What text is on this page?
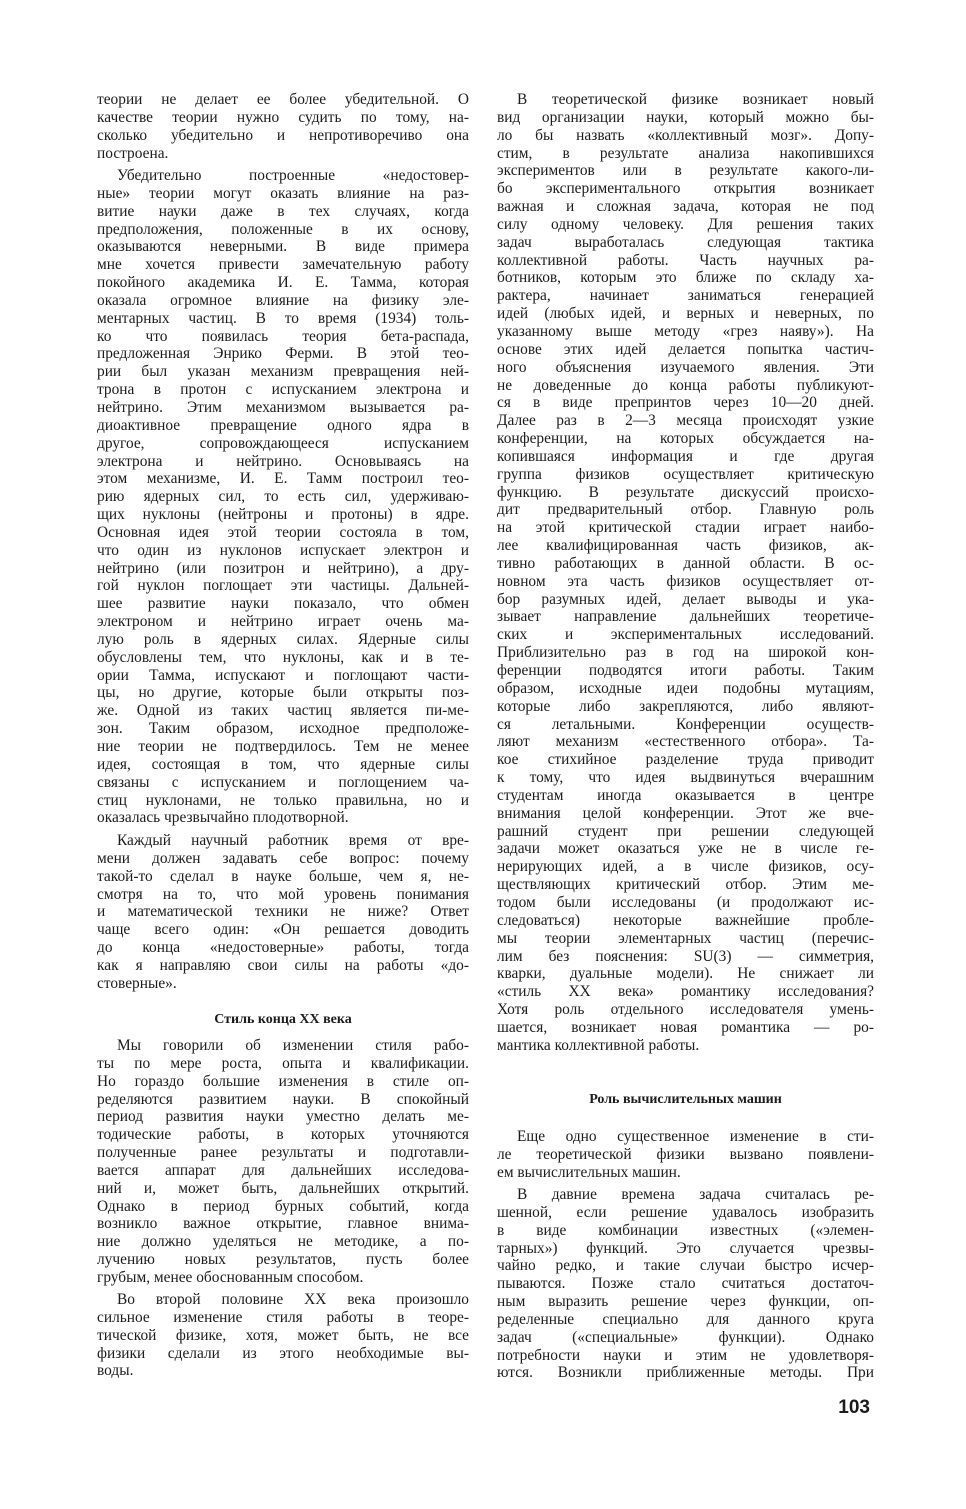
теории не делает ее более убедительной. О
качестве теории нужно судить по тому, на-
сколько убедительно и непротиворечиво она
построена.
Убедительно построенные «недостовер-
ные» теории могут оказать влияние на раз-
витие науки даже в тех случаях, когда
предположения, положенные в их основу,
оказываются неверными. В виде примера
мне хочется привести замечательную работу
покойного академика И. Е. Тамма, которая
оказала огромное влияние на физику эле-
ментарных частиц. В то время (1934) толь-
ко что появилась теория бета-распада,
предложенная Энрико Ферми. В этой тео-
рии был указан механизм превращения ней-
трона в протон с испусканием электрона и
нейтрино. Этим механизмом вызывается ра-
диоактивное превращение одного ядра в
другое, сопровождающееся испусканием
электрона и нейтрино. Основываясь на
этом механизме, И. Е. Тамм построил тео-
рию ядерных сил, то есть сил, удерживаю-
щих нуклоны (нейтроны и протоны) в ядре.
Основная идея этой теории состояла в том,
что один из нуклонов испускает электрон и
нейтрино (или позитрон и нейтрино), а дру-
гой нуклон поглощает эти частицы. Дальней-
шее развитие науки показало, что обмен
электроном и нейтрино играет очень ма-
лую роль в ядерных силах. Ядерные силы
обусловлены тем, что нуклоны, как и в те-
ории Тамма, испускают и поглощают части-
цы, но другие, которые были открыты поз-
же. Одной из таких частиц является пи-ме-
зон. Таким образом, исходное предположе-
ние теории не подтвердилось. Тем не менее
идея, состоящая в том, что ядерные силы
связаны с испусканием и поглощением ча-
стиц нуклонами, не только правильна, но и
оказалась чрезвычайно плодотворной.
Каждый научный работник время от вре-
мени должен задавать себе вопрос: почему
такой-то сделал в науке больше, чем я, не-
смотря на то, что мой уровень понимания
и математической техники не ниже? Ответ
чаще всего один: «Он решается доводить
до конца «недостоверные» работы, тогда
как я направляю свои силы на работы «до-
стоверные».
Стиль конца XX века
Мы говорили об изменении стиля рабо-
ты по мере роста, опыта и квалификации.
Но гораздо большие изменения в стиле оп-
ределяются развитием науки. В спокойный
период развития науки уместно делать ме-
тодические работы, в которых уточняются
полученные ранее результаты и подготавли-
вается аппарат для дальнейших исследова-
ний и, может быть, дальнейших открытий.
Однако в период бурных событий, когда
возникло важное открытие, главное внима-
ние должно уделяться не методике, а по-
лучению новых результатов, пусть более
грубым, менее обоснованным способом.
Во второй половине XX века произошло
сильное изменение стиля работы в теоре-
тической физике, хотя, может быть, не все
физики сделали из этого необходимые вы-
воды.
В теоретической физике возникает новый
вид организации науки, который можно бы-
ло бы назвать «коллективный мозг». Допу-
стим, в результате анализа накопившихся
экспериментов или в результате какого-ли-
бо экспериментального открытия возникает
важная и сложная задача, которая не под
силу одному человеку. Для решения таких
задач выработалась следующая тактика
коллективной работы. Часть научных ра-
ботников, которым это ближе по складу ха-
рактера, начинает заниматься генерацией
идей (любых идей, и верных и неверных, по
указанному выше методу «грез наяву»). На
основе этих идей делается попытка частич-
ного объяснения изучаемого явления. Эти
не доведенные до конца работы публикуют-
ся в виде препринтов через 10—20 дней.
Далее раз в 2—3 месяца происходят узкие
конференции, на которых обсуждается на-
копившаяся информация и где другая
группа физиков осуществляет критическую
функцию. В результате дискуссий происхо-
дит предварительный отбор. Главную роль
на этой критической стадии играет наибо-
лее квалифицированная часть физиков, ак-
тивно работающих в данной области. В ос-
новном эта часть физиков осуществляет от-
бор разумных идей, делает выводы и ука-
зывает направление дальнейших теоретиче-
ских и экспериментальных исследований.
Приблизительно раз в год на широкой кон-
ференции подводятся итоги работы. Таким
образом, исходные идеи подобны мутациям,
которые либо закрепляются, либо являют-
ся летальными. Конференции осуществ-
ляют механизм «естественного отбора». Та-
кое стихийное разделение труда приводит
к тому, что идея выдвинуться вчерашним
студентам иногда оказывается в центре
внимания целой конференции. Этот же вче-
рашний студент при решении следующей
задачи может оказаться уже не в числе ге-
нерирующих идей, а в числе физиков, осу-
ществляющих критический отбор. Этим ме-
тодом были исследованы (и продолжают ис-
следоваться) некоторые важнейшие пробле-
мы теории элементарных частиц (перечис-
лим без пояснения: SU(3) — симметрия,
кварки, дуальные модели). Не снижает ли
«стиль XX века» романтику исследования?
Хотя роль отдельного исследователя умень-
шается, возникает новая романтика — ро-
мантика коллективной работы.
Роль вычислительных машин
Еще одно существенное изменение в сти-
ле теоретической физики вызвано появлени-
ем вычислительных машин.
В давние времена задача считалась ре-
шенной, если решение удавалось изобразить
в виде комбинации известных («элемен-
тарных») функций. Это случается чрезвы-
чайно редко, и такие случаи быстро исчер-
пываются. Позже стало считаться достаточ-
ным выразить решение через функции, оп-
ределенные специально для данного круга
задач («специальные» функции). Однако
потребности науки и этим не удовлетворя-
ются. Возникли приближенные методы. При
103
